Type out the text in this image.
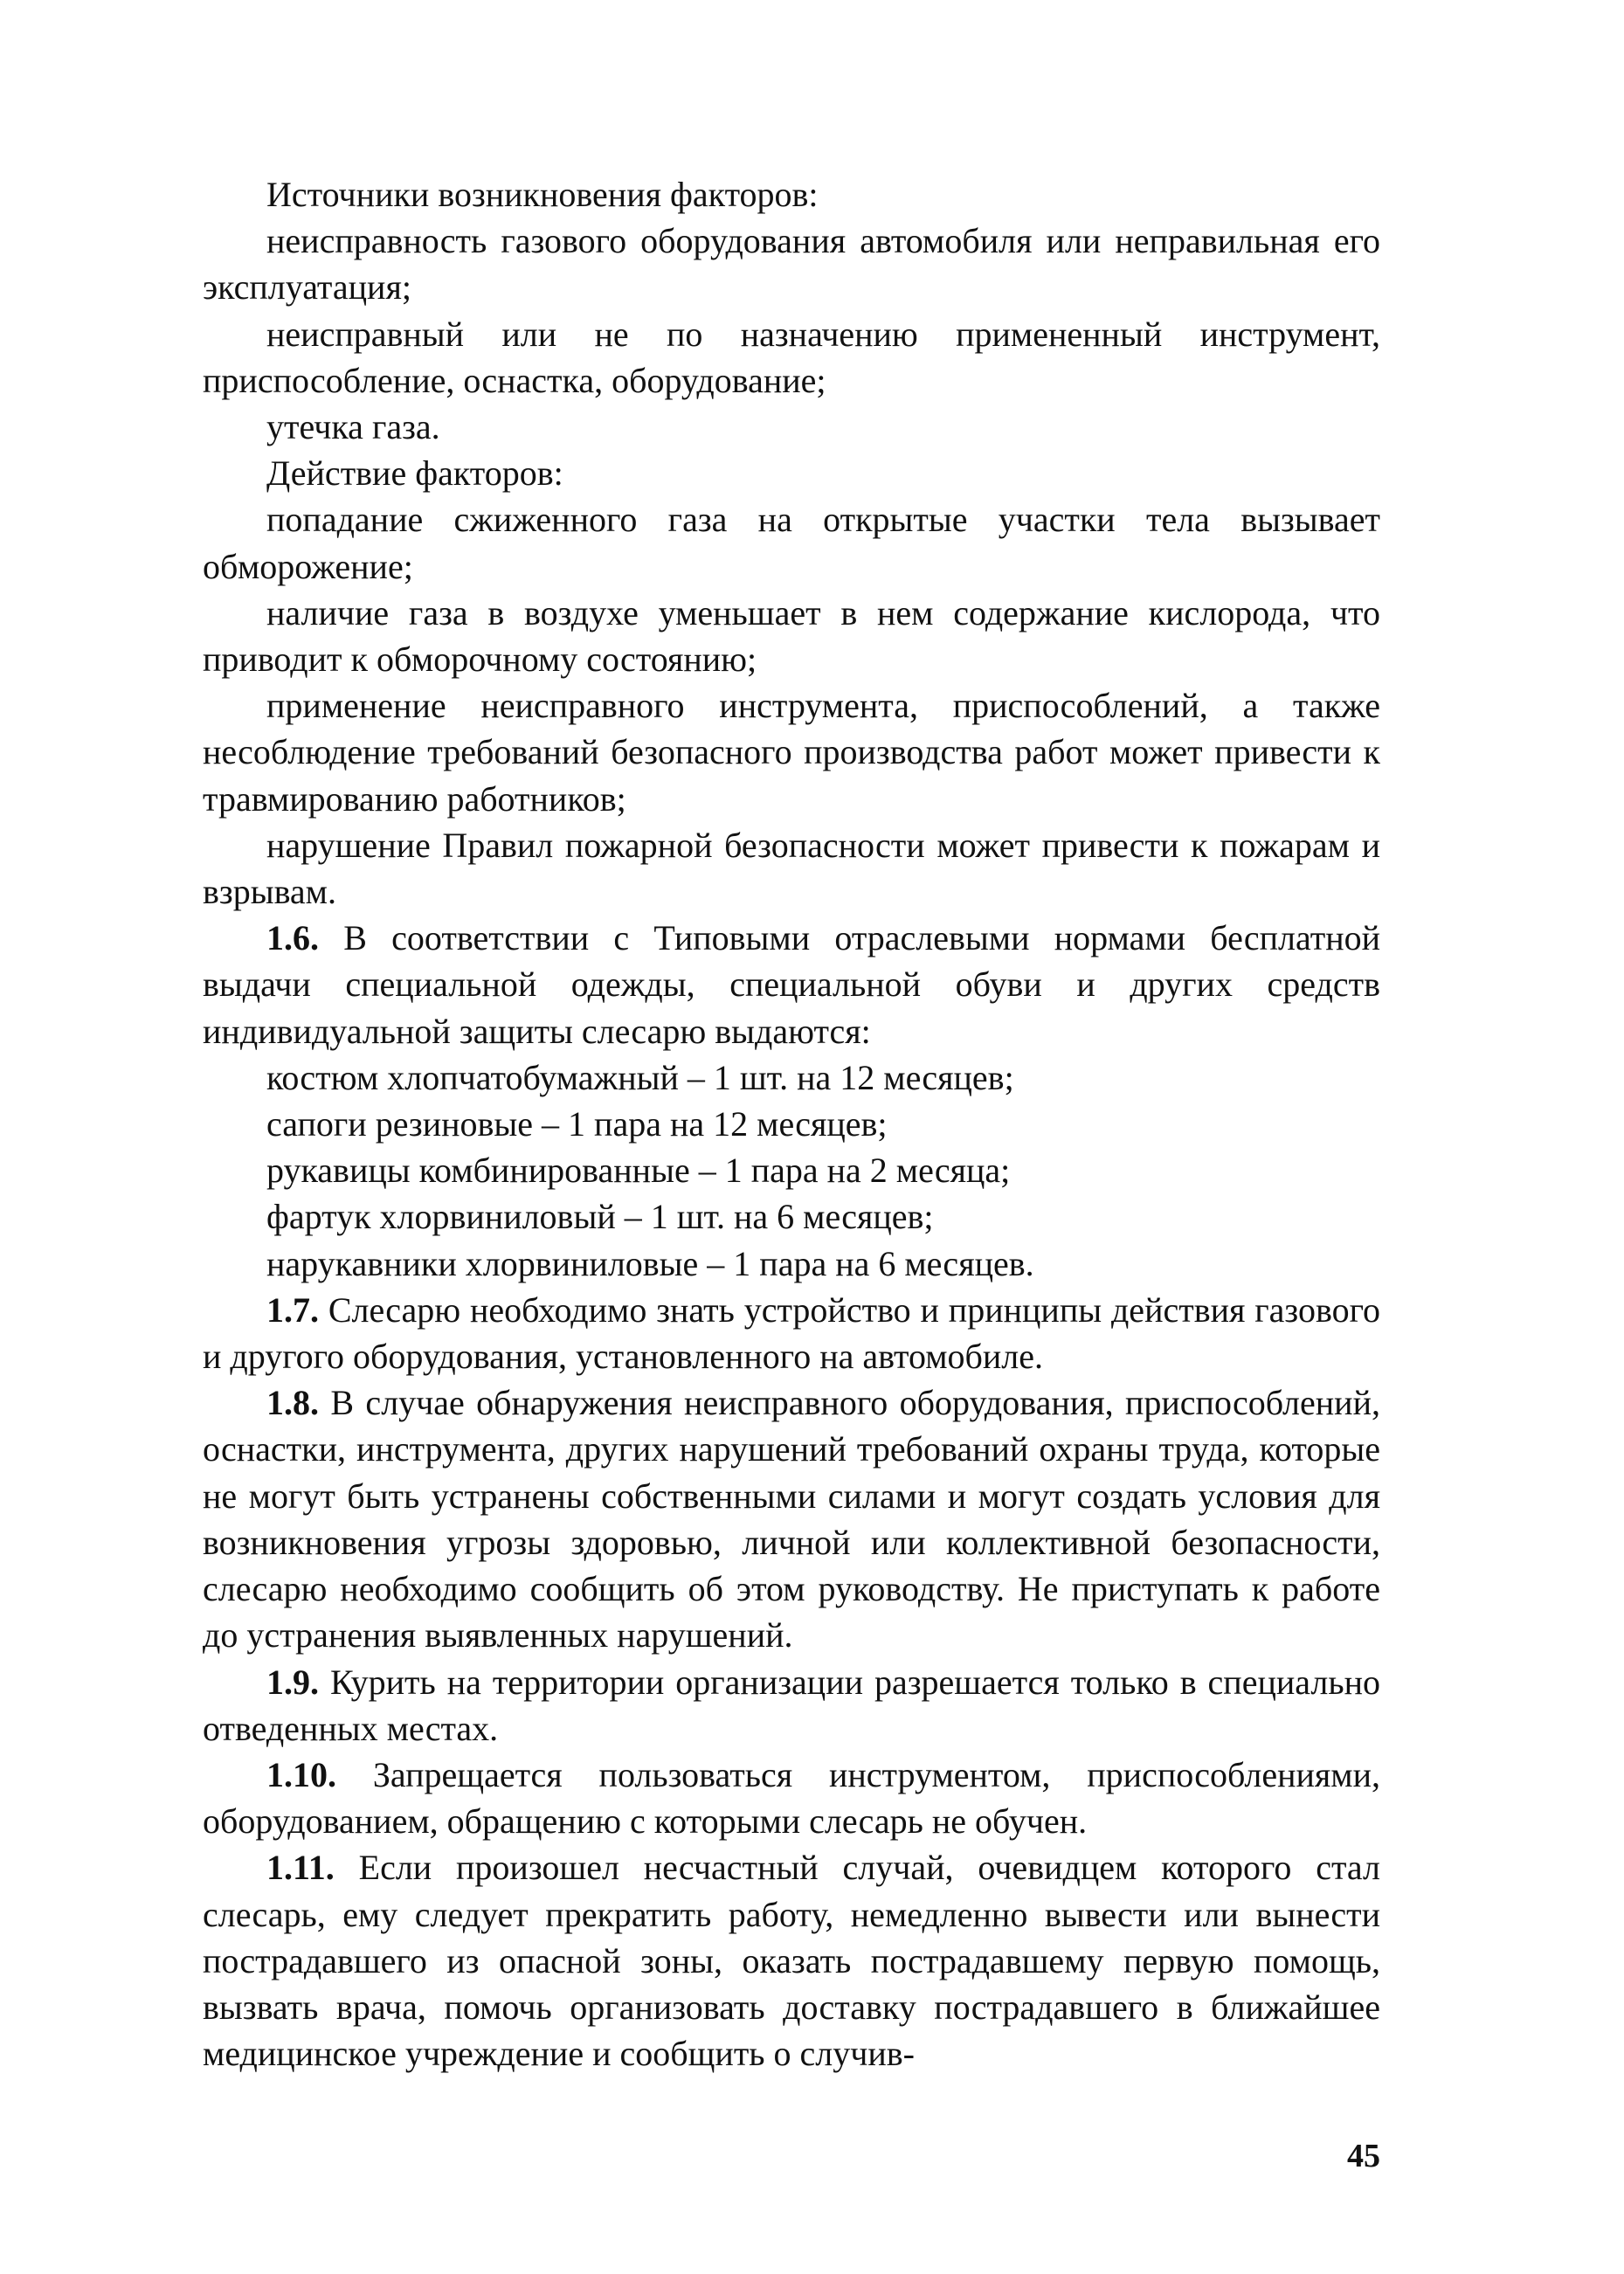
Источники возникновения факторов:

неисправность газового оборудования автомобиля или неправильная его эксплуатация;

неисправный или не по назначению примененный инструмент, приспособление, оснастка, оборудование;

утечка газа.

Действие факторов:

попадание сжиженного газа на открытые участки тела вызывает обморожение;

наличие газа в воздухе уменьшает в нем содержание кислорода, что приводит к обморочному состоянию;

применение неисправного инструмента, приспособлений, а также несоблюдение требований безопасного производства работ может привести к травмированию работников;

нарушение Правил пожарной безопасности может привести к пожарам и взрывам.

1.6. В соответствии с Типовыми отраслевыми нормами бесплатной выдачи специальной одежды, специальной обуви и других средств индивидуальной защиты слесарю выдаются:

костюм хлопчатобумажный – 1 шт. на 12 месяцев;

сапоги резиновые – 1 пара на 12 месяцев;

рукавицы комбинированные – 1 пара на 2 месяца;

фартук хлорвиниловый – 1 шт. на 6 месяцев;

нарукавники хлорвиниловые – 1 пара на 6 месяцев.

1.7. Слесарю необходимо знать устройство и принципы действия газового и другого оборудования, установленного на автомобиле.

1.8. В случае обнаружения неисправного оборудования, приспособлений, оснастки, инструмента, других нарушений требований охраны труда, которые не могут быть устранены собственными силами и могут создать условия для возникновения угрозы здоровью, личной или коллективной безопасности, слесарю необходимо сообщить об этом руководству. Не приступать к работе до устранения выявленных нарушений.

1.9. Курить на территории организации разрешается только в специально отведенных местах.

1.10. Запрещается пользоваться инструментом, приспособлениями, оборудованием, обращению с которыми слесарь не обучен.

1.11. Если произошел несчастный случай, очевидцем которого стал слесарь, ему следует прекратить работу, немедленно вывести или вынести пострадавшего из опасной зоны, оказать пострадавшему первую помощь, вызвать врача, помочь организовать доставку пострадавшего в ближайшее медицинское учреждение и сообщить о случив-

45
